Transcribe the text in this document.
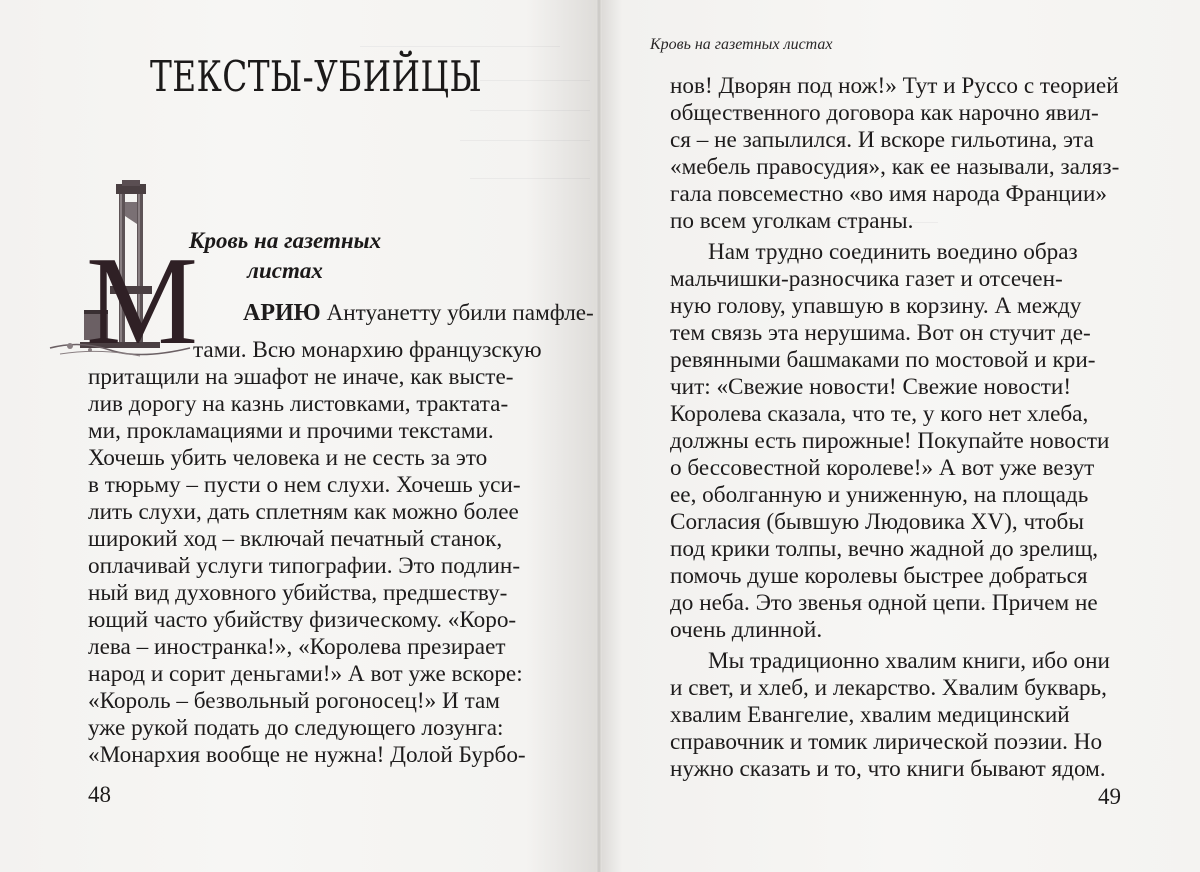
ТЕКСТЫ-УБИЙЦЫ
Кровь на газетных
листах
М АРИЮ Антуанетту убили памфле-
тами. Всю монархию французскую
притащили на эшафот не иначе, как высте-
лив дорогу на казнь листовками, трактата-
ми, прокламациями и прочими текстами.
Хочешь убить человека и не сесть за это
в тюрьму – пусти о нем слухи. Хочешь уси-
лить слухи, дать сплетням как можно более
широкий ход – включай печатный станок,
оплачивай услуги типографии. Это подлин-
ный вид духовного убийства, предшеству-
ющий часто убийству физическому. «Коро-
лева – иностранка!», «Королева презирает
народ и сорит деньгами!» А вот уже вскоре:
«Король – безвольный рогоносец!» И там
уже рукой подать до следующего лозунга:
«Монархия вообще не нужна! Долой Бурбо-
48
Кровь на газетных листах
нов! Дворян под нож!» Тут и Руссо с теорией
общественного договора как нарочно явил-
ся – не запылился. И вскоре гильотина, эта
«мебель правосудия», как ее называли, заляз-
гала повсеместно «во имя народа Франции»
по всем уголкам страны.
Нам трудно соединить воедино образ
мальчишки-разносчика газет и отсечен-
ную голову, упавшую в корзину. А между
тем связь эта нерушима. Вот он стучит де-
ревянными башмаками по мостовой и кри-
чит: «Свежие новости! Свежие новости!
Королева сказала, что те, у кого нет хлеба,
должны есть пирожные! Покупайте новости
о бессовестной королеве!» А вот уже везут
ее, оболганную и униженную, на площадь
Согласия (бывшую Людовика XV), чтобы
под крики толпы, вечно жадной до зрелищ,
помочь душе королевы быстрее добраться
до неба. Это звенья одной цепи. Причем не
очень длинной.
Мы традиционно хвалим книги, ибо они
и свет, и хлеб, и лекарство. Хвалим букварь,
хвалим Евангелие, хвалим медицинский
справочник и томик лирической поэзии. Но
нужно сказать и то, что книги бывают ядом.
49
